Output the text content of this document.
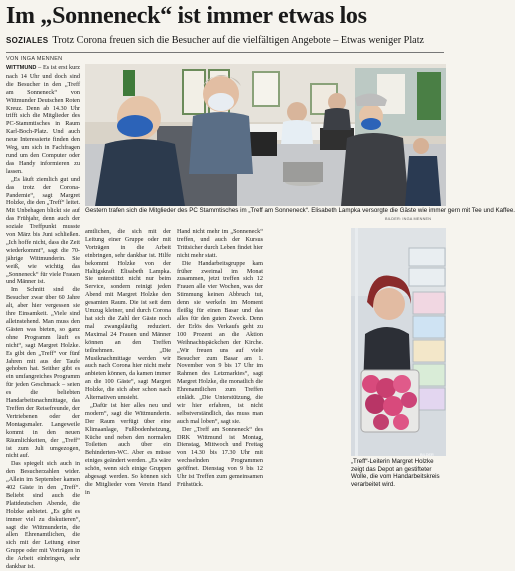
Im „Sonneneck“ ist immer etwas los
SOZIALES Trotz Corona freuen sich die Besucher auf die vielfältigen Angebote – Etwas weniger Platz
VON INGA MENNEN

WITTMUND – Es ist erst kurz nach 14 Uhr und doch sind die Besucher in den „Treff am Sonneneck“ von Wittmunder Deutschen Roten Kreuz. Denn ab 14.30 Uhr trifft sich die Mitglieder des PC-Stammtisches in Raum Karl-Boch-Platz. Und auch neue Interessierte finden den Weg, um sich in Fachfragen rund um den Computer oder das Handy informieren zu lassen.

„Es läuft ziemlich gut und das trotz der Corona-Pandemie“, sagt Margret Holzke, die den „Treff“ leitet. Mit Unbehagen blickt sie auf das Frühjahr, denn auch der soziale Treffpunkt musste von März bis Juni schließen. „Ich hoffe nicht, dass die Zeit wiederkommt“, sagt die 70-jährige Wittmunderin. Sie weiß, wie wichtig das „Sonneneck“ für viele Frauen und Männer ist.

Im Schnitt sind die Besucher zwar über 60 Jahre alt, aber hier vergessen sie ihre Einsamkeit. „Viele sind alleinstehend. Man muss den Gästen was bieten, so ganz ohne Programm läuft es nicht“, sagt Margret Holzke. Es gibt den „Treff“ vor fünf Jahren mit aus der Taufe gehoben hat. Seither gibt es ein umfangreiches Programm für jeden Geschmack – seien es die beliebten Handarbeitsnachmittage, das Treffen der Reisefreunde, der Vertriebenen oder der Montagsmaler. Langeweile kommt in den neuen Räumlichkeiten, der „Treff“ ist zum Juli umgezogen, nicht auf.

Das spiegelt sich auch in den Besucherzahlen wider. „Allein im September kamen 402 Gäste in den „Treff“. Beliebt sind auch die Plattdeutschen Abende, die Holzke anbietet. „Es gibt es immer viel zu diskutieren“, sagt die Wittmunderin, die allen Ehrenamtlichen, die sich mit der Leitung einer Gruppe oder mit Vorträgen in die Arbeit einbringen, sehr dankbar ist.

Gestern trafen sich die Mitglieder des PC Stammtisches im „Treff am Sonneneck“. Elisabeth Lampka versorgte die Gäste wie immer gern mit Tee und Kaffee.
BILDER: INGA MENNEN

amtlichen, die sich mit der Leitung einer Gruppe oder mit Vorträgen in die Arbeit einbringen, sehr dankbar ist. Hilfe bekommt Holzke von der Haltigskraft Elisabeth Lampka. Sie unterstützt nicht nur beim Service, sondern reinigt jeden Abend mit Margret Holzke den gesamten Raum. Die ist seit dem Umzug kleiner, und durch Corona hat sich die Zahl der Gäste noch mal zwangsläufig reduziert. Maximal 24 Frauen und Männer können an den Treffen teilnehmen. „Die Musiknachmittage werden wir auch nach Corona hier nicht mehr anbieten können, da kamen immer an die 100 Gäste“, sagt Margret Holzke, die sich aber schon nach Alternativen umsieht.

„Dafür ist hier alles neu und modern“, sagt die Wittmunderin. Der Raum verfügt über eine Klimaanlage, Fußbodenheizung, Küche und neben den normalen Toiletten auch über ein Behinderten-WC. Aber es müsse einiges geändert werden. „Es wäre schön, wenn sich einige Gruppen abgesagt werden. So können sich die Mitglieder vom Verein Hand in

Hand nicht mehr im „Sonneneck“ treffen, und auch der Kursus Trittsicher durch Leben findet hier nicht mehr statt.

Die Handarbeitsgruppe kam früher zweimal im Monat zusammen, jetzt treffen sich 12 Frauen alle vier Wochen, was der Stimmung keinen Abbruch tut, denn sie werkeln im Moment fleißig für einen Basar und das alles für den guten Zweck. Denn der Erlös des Verkaufs geht zu 100 Prozent an die Aktion Weihnachtspäckchen der Kirche. „Wir freuen uns auf viele Besucher zum Basar am 1. November von 9 bis 17 Uhr im Rahmen des Letzmarktes“, sagt Margret Holzke, die monatlich die Ehrenamtlichen zum Treffen einlädt. „Die Unterstützung, die wir hier erfahren, ist nicht selbstverständlich, das muss man auch mal loben“, sagt sie.

Der „Treff am Sonneneck“ des DRK Wittmund ist Montag, Dienstag, Mittwoch und Freitag von 14.30 bis 17.30 Uhr mit wechselnden Programmen geöffnet. Dienstag von 9 bis 12 Uhr ist Treffen zum gemeinsamen Frühstück.

BILDER
„Treff“-Leiterin Margret Holzke zeigt das Depot an gestifteter Wolle, die vom Handarbeitskreis verarbeitet wird.
